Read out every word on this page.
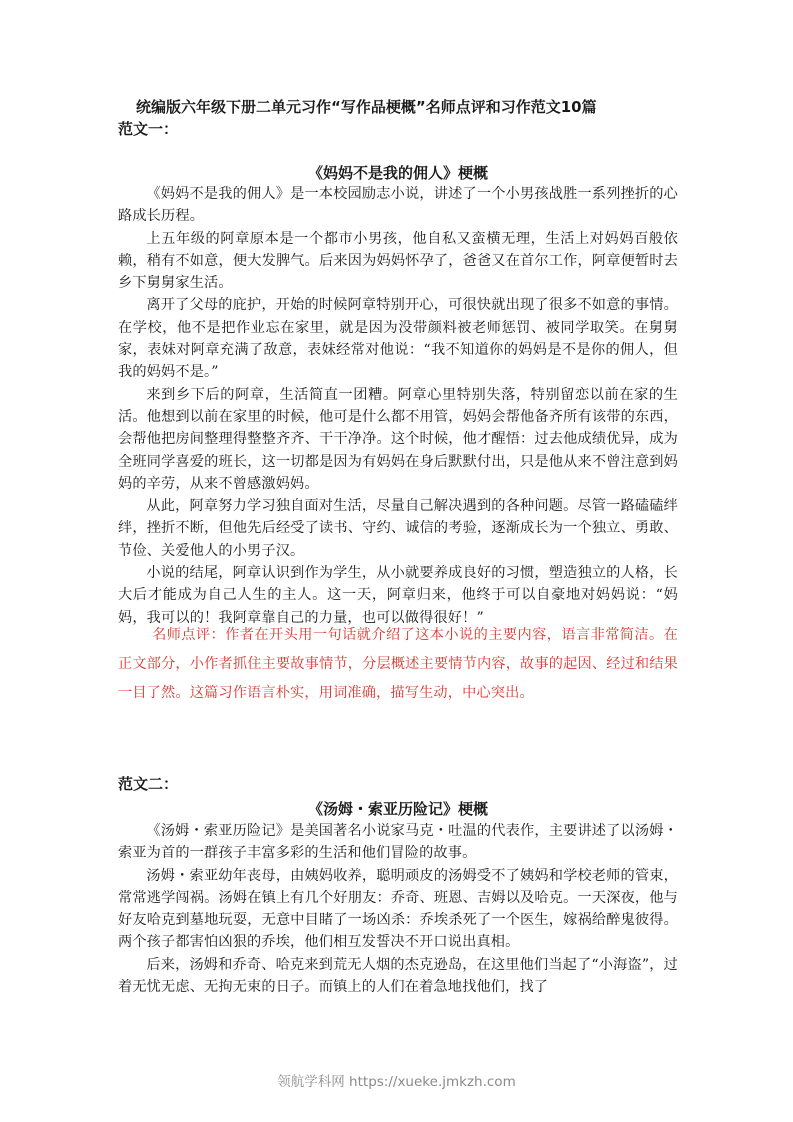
统编版六年级下册二单元习作“写作品梗概”名师点评和习作范文10篇
范文一：
《妈妈不是我的佣人》梗概

《妈妈不是我的佣人》是一本校园励志小说，讲述了一个小男孩战胜一系列挫折的心路成长历程。

上五年级的阿章原本是一个都市小男孩，他自私又蛮横无理，生活上对妈妈百般依赖，稍有不如意，便大发脾气。后来因为妈妈怀孕了，爸爸又在首尔工作，阿章便暂时去乡下舅舅家生活。

离开了父母的庇护，开始的时候阿章特别开心，可很快就出现了很多不如意的事情。在学校，他不是把作业忘在家里，就是因为没带颜料被老师惩罚、被同学取笑。在舅舅家，表妹对阿章充满了敌意，表妹经常对他说：“我不知道你的妈妈是不是你的佣人，但我的妈妈不是。”

来到乡下后的阿章，生活简直一团糟。阿章心里特别失落，特别留恋以前在家的生活。他想到以前在家里的时候，他可是什么都不用管，妈妈会帮他备齐所有该带的东西，会帮他把房间整理得整整齐齐、干干净净。这个时候，他才醒悟：过去他成绩优异，成为全班同学喜爱的班长，这一切都是因为有妈妈在身后默默付出，只是他从来不曾注意到妈妈的辛劳，从来不曾感激妈妈。

从此，阿章努力学习独自面对生活，尽量自己解决遇到的各种问题。尽管一路磕磕绊绊，挫折不断，但他先后经受了读书、守约、诚信的考验，逐渐成长为一个独立、勇敢、节俭、关爱他人的小男子汉。

小说的结尾，阿章认识到作为学生，从小就要养成良好的习惯，塑造独立的人格，长大后才能成为自己人生的主人。这一天，阿章归来，他终于可以自豪地对妈妈说：“妈妈，我可以的！我阿章靠自己的力量，也可以做得很好！”

名师点评：作者在开头用一句话就介绍了这本小说的主要内容，语言非常简洁。在正文部分，小作者抓住主要故事情节，分层概述主要情节内容，故事的起因、经过和结果一目了然。这篇习作语言朴实，用词准确，描写生动，中心突出。

范文二：
《汤姆・索亚历险记》梗概

《汤姆・索亚历险记》是美国著名小说家马克・吐温的代表作，主要讲述了以汤姆・索亚为首的一群孩子丰富多彩的生活和他们冒险的故事。

汤姆・索亚幼年丧母，由姨妈收养，聪明顽皮的汤姆受不了姨妈和学校老师的管束，常常逃学闯祸。汤姆在镇上有几个好朋友：乔奇、班恩、吉姆以及哈克。一天深夜，他与好友哈克到墓地玩耍，无意中目睹了一场凶杀：乔埃杀死了一个医生，嫁祸给醉鬼彼得。两个孩子都害怕凶狠的乔埃，他们相互发誓决不开口说出真相。

后来，汤姆和乔奇、哈克来到荒无人烟的杰克逊岛，在这里他们当起了“小海盗”，过着无忧无虑、无拘无束的日子。而镇上的人们在着急地找他们，找了

领航学科网 https://xueke.jmkzh.com
